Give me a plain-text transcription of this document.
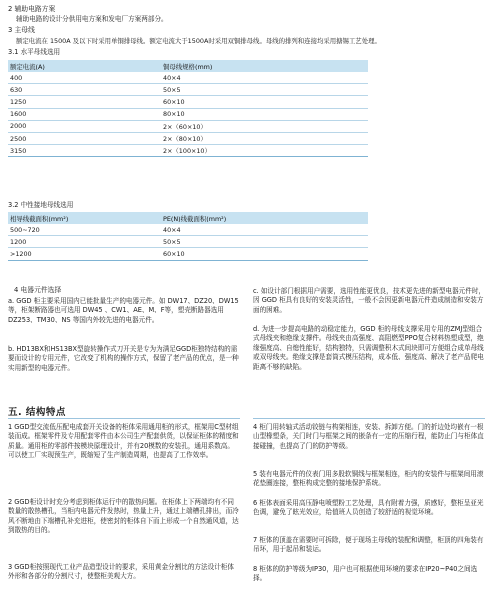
2 辅助电路方案
辅助电路的设计分供用电方案和发电厂方案两部分。
3 主母线
额定电流在 1500A 及以下时采用单铜排母线。额定电流大于1500A时采用双铜排母线。母线的排列和连接均采用搪锡工艺处理。
3.1 水平母线选用
额定电流(A)	铜母线规格(mm)
400	40×4
630	50×5
1250	60×10
1600	80×10
2000	2×（60×10）
2500	2×（80×10）
3150	2×（100×10）
3.2 中性接地母线选用
相导线截面积(mm²)	PE(N)线截面积(mm²)
500~720	40×4
1200	50×5
>1200	60×10
4 电器元件选择
a. GGD 柜主要采用国内已能批量生产的电器元件。如 DW17、DZ20、DW15等，柜架断路器也可选用 DW45 、CW1、AE、M、F等，塑壳断路器选用 DZ253、TM30、NS 等国内外较先进的电器元件。
b. HD13BX和HS13BX型旋转操作式刀开关是专为为满足GGD柜独特结构的需要而设计的专用元件，它改变了机构的操作方式，保留了老产品的优点，是一种实用新型的电器元件。
c. 如设计部门根据用户需要，选用性能更优良，技术更先进的新型电器元件时，因 GGD 柜具有良好的安装灵活性，一般不会因更新电器元件造成制造和安装方面的困难。
d. 为进一步提高电路的动稳定能力，GGD 柜的母线支撑采用专用的ZMJ型组合式母线夹和绝缘支撑件。母线夹由高强度、高阻燃型PPO复合材料热塑成型，绝缘强度高、自熄性能好，结构独特，只需调整积木式间块即可方便组合成单母线或双母线夹。绝缘支撑是套筒式模压结构，成本低、强度高、解决了老产品爬电距离不够的缺陷。
五. 结构特点
1 GGD型交流低压配电成套开关设备的柜体采用通用柜的形式，框架用C型材组装而成。框架零件及专用配套零件由本公司生产配套供货，以保证柜体的精度和质量。通用柜的零部件按模块原理设计，并有20模数的安装孔，通用系数高。可以使工厂实现预生产，既缩短了生产制造周期，也提高了工作效率。
2 GGD柜设计时充分考虑到柜体运行中的散热问题。在柜体上下两端均有不同数量的散热槽孔，当柜内电器元件发热时，热量上升，通过上端槽孔排出，而冷风不断地由下端槽孔补充进柜，使密封的柜体自下而上形成一个自然通风道，达到散热的目的。
3 GGD柜按照现代工业产品造型设计的要求，采用黄金分割比的方法设计柜体外形和各部分的分割尺寸，使整柜美观大方。
4 柜门用转轴式活动铰链与构架相连，安装、拆卸方便。门的折边处均嵌有一根山型橡塑条，关门时门与框架之间的嵌条有一定的压缩行程，能防止门与柜体直接碰撞，也提高了门的防护等级。
5 装有电器元件的仪表门用多股软铜线与框架相连，柜内的安装件与框架间用滚花垫圈连接，整柜构成完整的接地保护系统。
6 柜体表面采用高压静电喷塑粉工艺处理，具有附着力强，质感好，整柜呈亚光色调，避免了眩光效应，给值班人员创造了较舒适的视觉环境。
7 柜体的顶盖在需要时可拆除，便于现场主母线的装配和调整，柜顶的四角装有吊环，用于起吊和装运。
8 柜体的防护等级为IP30，用户也可根据使用环境的要求在IP20~P40之间选择。
